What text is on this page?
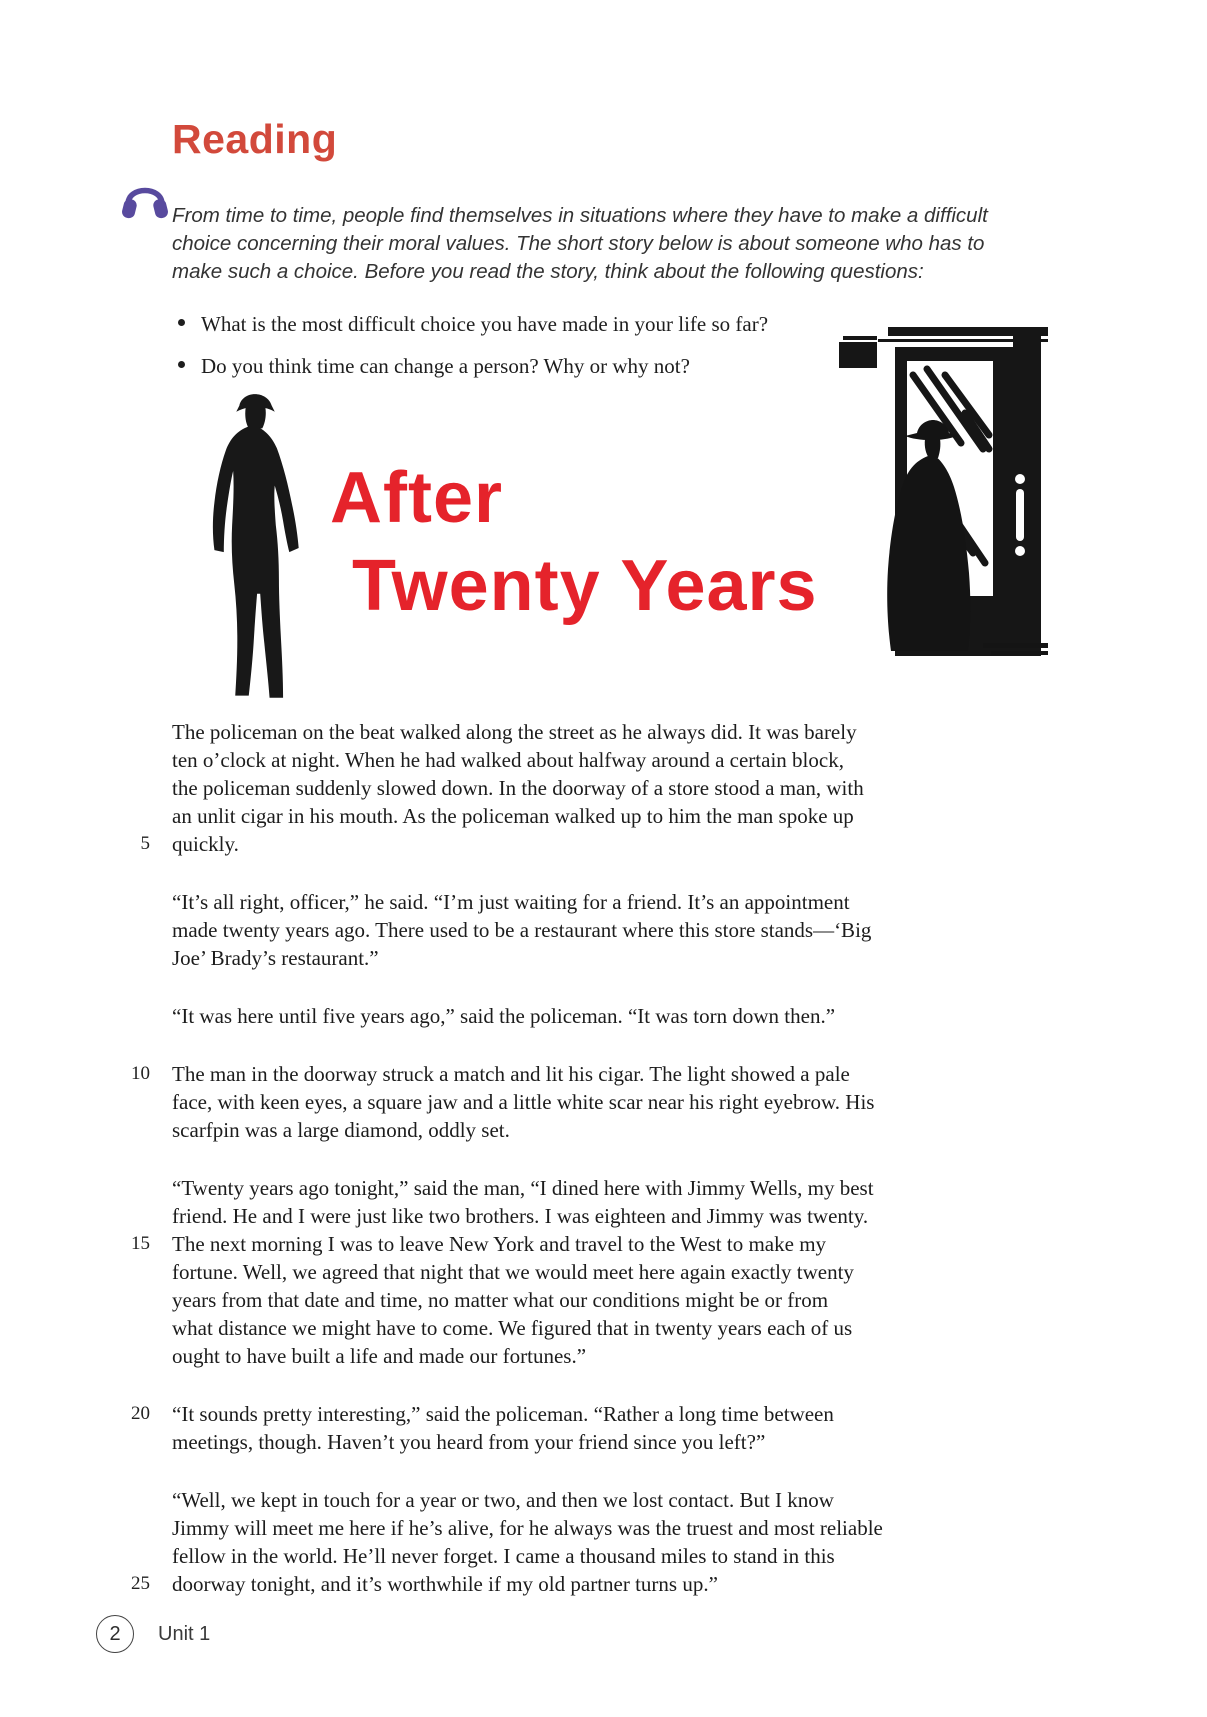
Reading
From time to time, people find themselves in situations where they have to make a difficult
choice concerning their moral values. The short story below is about someone who has to
make such a choice. Before you read the story, think about the following questions:
What is the most difficult choice you have made in your life so far?
Do you think time can change a person? Why or why not?
After
Twenty Years

The policeman on the beat walked along the street as he always did. It was barely
ten o’clock at night. When he had walked about halfway around a certain block,
the policeman suddenly slowed down. In the doorway of a store stood a man, with
an unlit cigar in his mouth. As the policeman walked up to him the man spoke up
5 quickly.

“It’s all right, officer,” he said. “I’m just waiting for a friend. It’s an appointment
made twenty years ago. There used to be a restaurant where this store stands—‘Big
Joe’ Brady’s restaurant.”

“It was here until five years ago,” said the policeman. “It was torn down then.”

10 The man in the doorway struck a match and lit his cigar. The light showed a pale
face, with keen eyes, a square jaw and a little white scar near his right eyebrow. His
scarfpin was a large diamond, oddly set.

“Twenty years ago tonight,” said the man, “I dined here with Jimmy Wells, my best
friend. He and I were just like two brothers. I was eighteen and Jimmy was twenty.
15 The next morning I was to leave New York and travel to the West to make my
fortune. Well, we agreed that night that we would meet here again exactly twenty
years from that date and time, no matter what our conditions might be or from
what distance we might have to come. We figured that in twenty years each of us
ought to have built a life and made our fortunes.”

20 “It sounds pretty interesting,” said the policeman. “Rather a long time between
meetings, though. Haven’t you heard from your friend since you left?”

“Well, we kept in touch for a year or two, and then we lost contact. But I know
Jimmy will meet me here if he’s alive, for he always was the truest and most reliable
fellow in the world. He’ll never forget. I came a thousand miles to stand in this
25 doorway tonight, and it’s worthwhile if my old partner turns up.”

2	Unit 1
